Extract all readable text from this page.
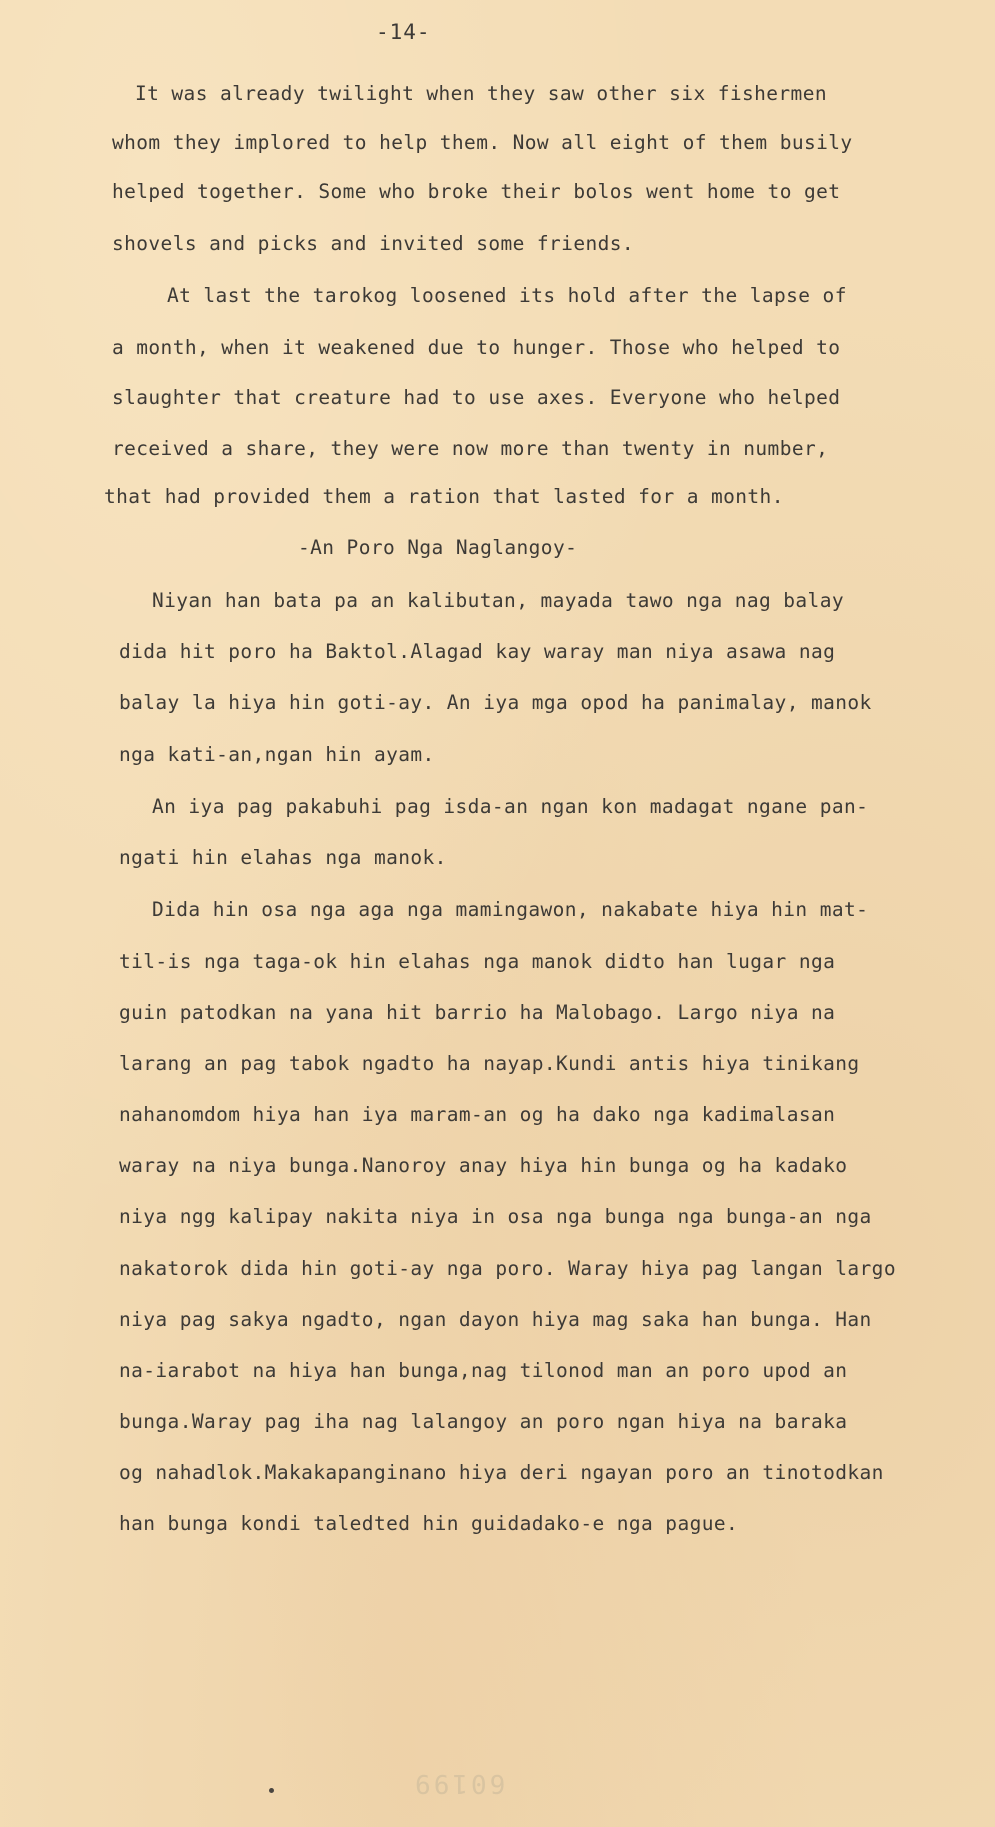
-14-
It was already twilight when they saw other six fishermen
whom they implored to help them. Now all eight of them busily
helped together. Some who broke their bolos went home to get
shovels and picks and invited some friends.
At last the tarokog loosened its hold after the lapse of
a month, when it weakened due to hunger. Those who helped to
slaughter that creature had to use axes. Everyone who helped
received a share, they were now more than twenty in number,
that had provided them a ration that lasted for a month.
-An Poro Nga Naglangoy-
Niyan han bata pa an kalibutan, mayada tawo nga nag balay
dida hit poro ha Baktol.Alagad kay waray man niya asawa nag
balay la hiya hin goti-ay. An iya mga opod ha panimalay, manok
nga kati-an,ngan hin ayam.
An iya pag pakabuhi pag isda-an ngan kon madagat ngane pan-
ngati hin elahas nga manok.
Dida hin osa nga aga nga mamingawon, nakabate hiya hin mat-
til-is nga taga-ok hin elahas nga manok didto han lugar nga
guin patodkan na yana hit barrio ha Malobago. Largo niya na
larang an pag tabok ngadto ha nayap.Kundi antis hiya tinikang
nahanomdom hiya han iya maram-an og ha dako nga kadimalasan
waray na niya bunga.Nanoroy anay hiya hin bunga og ha kadako
niya ngg kalipay nakita niya in osa nga bunga nga bunga-an nga
nakatorok dida hin goti-ay nga poro. Waray hiya pag langan largo
niya pag sakya ngadto, ngan dayon hiya mag saka han bunga. Han
na-iarabot na hiya han bunga,nag tilonod man an poro upod an
bunga.Waray pag iha nag lalangoy an poro ngan hiya na baraka
og nahadlok.Makakapanginano hiya deri ngayan poro an tinotodkan
han bunga kondi taledted hin guidadako-e nga pague.
60199
